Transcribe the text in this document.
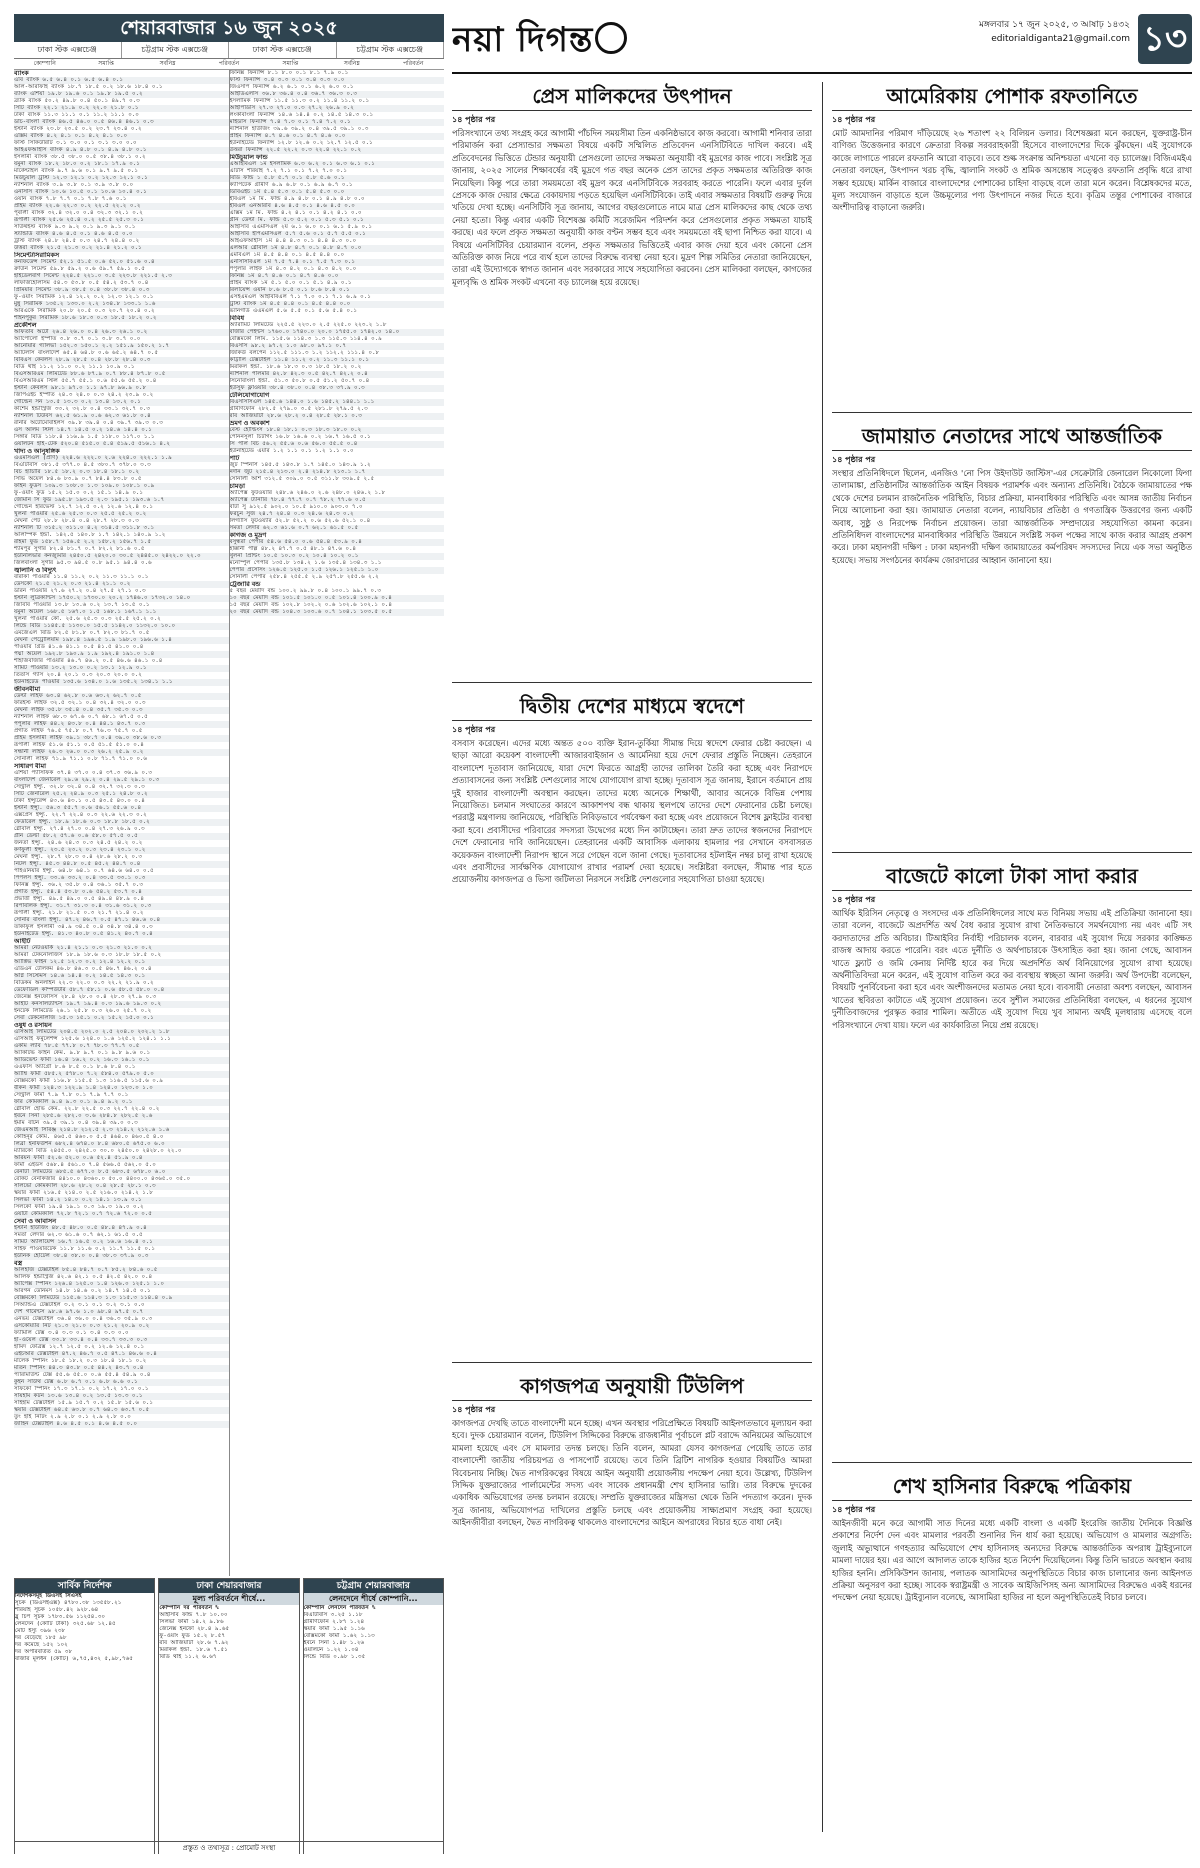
শেয়ারবাজার ১৬ জুন ২০২৫
ঢাকা স্টক এক্সচেঞ্জ	চট্টগ্রাম স্টক এক্সচেঞ্জ	ঢাকা স্টক এক্সচেঞ্জ	চট্টগ্রাম স্টক এক্সচেঞ্জ
কোম্পানি	সমাপ্তি	সর্বনিম্ন	পরিবর্তন	সমাপ্তি	সর্বনিম্ন	পরিবর্তন
ব্যাংক
এবি ব্যাংক ৬.৫ ৬.৪ ০.১ ৬.৫ ৬.৪ ০.১
আল-আরাফাহ ব্যাংক ১৮.৭ ১৮.৫ ০.২ ১৮.৬ ১৮.৪ ০.১
ব্যাংক এশিয়া ১৯.৮ ১৯.৬ ০.১ ১৯.৮ ১৯.৫ ০.২
ব্র্যাক ব্যাংক ৫০.২ ৪৯.৮ ০.৪ ৫০.১ ৪৯.৭ ০.৩
সিটি ব্যাংক ২২.১ ২১.৯ ০.২ ২২.০ ২১.৮ ০.১
ঢাকা ব্যাংক ১১.৩ ১১.১ ০.১ ১১.২ ১১.১ ০.০
ডাচ-বাংলা ব্যাংক ৪৬.৫ ৪৬.০ ০.৫ ৪৬.৪ ৪৬.১ ০.৩
ইস্টার্ন ব্যাংক ২৩.৮ ২৩.৫ ০.২ ২৩.৭ ২৩.৪ ০.২
এক্সিম ব্যাংক ৪.২ ৪.১ ০.১ ৪.২ ৪.১ ০.০
ফার্স্ট সিকিউরিটি ৩.১ ৩.০ ০.১ ৩.১ ৩.০ ০.০
আইএফআইসি ব্যাংক ৪.৯ ৪.৮ ০.১ ৪.৯ ৪.৮ ০.১
ইসলামী ব্যাংক ৩৮.৫ ৩৮.০ ০.৫ ৩৮.৪ ৩৮.১ ০.২
যমুনা ব্যাংক ১৮.২ ১৮.০ ০.২ ১৮.১ ১৭.৯ ০.১
মার্কেন্টাইল ব্যাংক ৯.৭ ৯.৬ ০.১ ৯.৭ ৯.৫ ০.১
মিউচুয়াল ট্রাস্ট ১২.৩ ১২.১ ০.২ ১২.৩ ১২.১ ০.১
ন্যাশনাল ব্যাংক ৩.৯ ৩.৮ ০.১ ৩.৯ ৩.৮ ০.০
এনসিসি ব্যাংক ১০.৬ ১০.৫ ০.১ ১০.৬ ১০.৪ ০.১
ওয়ান ব্যাংক ৭.৮ ৭.৭ ০.১ ৭.৮ ৭.৬ ০.১
প্রাইম ব্যাংক ২২.৬ ২২.৩ ০.২ ২২.৫ ২২.২ ০.২
পূবালী ব্যাংক ৩২.৪ ৩২.০ ০.৪ ৩২.৩ ৩২.১ ০.২
রূপালী ব্যাংক ২৫.৬ ২৫.৪ ০.২ ২৫.৫ ২৫.৩ ০.১
সাউথইস্ট ব্যাংক ৯.৩ ৯.২ ০.১ ৯.৩ ৯.১ ০.১
স্ট্যান্ডার্ড ব্যাংক ৪.৬ ৪.৫ ০.১ ৪.৬ ৪.৫ ০.০
ট্রাস্ট ব্যাংক ২৪.৮ ২৪.৫ ০.৩ ২৪.৭ ২৪.৪ ০.২
উত্তরা ব্যাংক ২১.৫ ২১.৩ ০.২ ২১.৪ ২১.২ ০.১
সিমেন্ট/সিরামিকস
কনফিডেন্স সিমেন্ট ৫২.১ ৫১.৫ ০.৬ ৫২.০ ৫১.৬ ০.৪
ক্রাউন সিমেন্ট ৫৯.৮ ৫৯.২ ০.৬ ৫৯.৭ ৫৯.১ ০.৫
হাইডেলবার্গ সিমেন্ট ২২৪.৫ ২২১.০ ৩.৫ ২২৩.৮ ২২১.৫ ২.৩
লাফার্জহোলসিম ৫৪.৩ ৫৩.৮ ০.৫ ৫৪.২ ৫৩.৭ ০.৪
প্রিমিয়ার সিমেন্ট ৩৮.৯ ৩৮.৫ ০.৪ ৩৮.৮ ৩৮.৪ ০.৩
ফু-ওয়াং সিরামিক ১২.৪ ১২.২ ০.২ ১২.৩ ১২.১ ০.১
মুন্নু সিরামিক ১৩৫.২ ১৩৩.০ ২.২ ১৩৪.৮ ১৩৩.১ ১.৬
আরএকে সিরামিক ২০.৮ ২০.৫ ০.৩ ২০.৭ ২০.৪ ০.২
শাইনপুকুর সিরামিক ১৮.৬ ১৮.৩ ০.৩ ১৮.৫ ১৮.২ ০.২
প্রকৌশল
আফতাব অটো ২৬.৪ ২৬.০ ০.৪ ২৬.৩ ২৬.১ ০.২
অ্যাপোলো ইস্পাত ৩.৮ ৩.৭ ০.১ ৩.৮ ৩.৭ ০.০
আনোয়ার গ্যালভা ১৫২.৩ ১৫০.১ ২.২ ১৫১.৯ ১৫০.২ ১.৭
অ্যাটলাস বাংলাদেশ ৬৫.৪ ৬৪.৮ ০.৬ ৬৫.২ ৬৪.৭ ০.৫
বিবিএস কেবলস ২৮.৯ ২৮.৫ ০.৪ ২৮.৮ ২৮.৪ ০.৩
বিডি থাই ১১.২ ১১.০ ০.২ ১১.১ ১০.৯ ০.১
বিএসআরএম লিমিটেড ৮৮.৬ ৮৭.৯ ০.৭ ৮৮.৪ ৮৭.৮ ০.৫
বিএসআরএম স্টিল ৫৫.৭ ৫৫.১ ০.৬ ৫৫.৬ ৫৫.২ ০.৪
ইস্টার্ন কেবলস ৯৮.১ ৯৭.০ ১.১ ৯৭.৮ ৯৬.৯ ০.৮
জিপিএইচ ইস্পাত ২৪.৩ ২৪.০ ০.৩ ২৪.২ ২৩.৯ ০.২
গোল্ডেন সন ১৩.৫ ১৩.৩ ০.২ ১৩.৪ ১৩.২ ০.১
কাশেম ইন্ডাস্ট্রিজ ৩৩.২ ৩২.৮ ০.৪ ৩৩.১ ৩২.৭ ০.৩
ন্যাশনাল টিউবস ৬২.৫ ৬১.৯ ০.৬ ৬২.৩ ৬১.৮ ০.৪
রানার অটোমোবাইলস ৩৯.৮ ৩৯.৪ ০.৪ ৩৯.৭ ৩৯.৩ ০.৩
এস আলম স্টিল ১৪.৭ ১৪.৫ ০.২ ১৪.৬ ১৪.৪ ০.১
সিঙ্গার বিডি ১১৮.৪ ১১৬.৯ ১.৫ ১১৮.০ ১১৭.০ ১.১
ওয়ালটন হাই-টেক ৫২০.৪ ৫১৫.০ ৫.৪ ৫১৯.৫ ৫১৬.১ ৪.২
খাদ্য ও আনুষঙ্গিক
এএমসিএল (প্রাণ) ২২৪.৬ ২২২.০ ২.৬ ২২৪.০ ২২২.১ ১.৯
বিএটিবিসি ৩৮১.৫ ৩৭৭.০ ৪.৫ ৩৮০.৭ ৩৭৮.০ ৩.৩
বিচ হ্যাচারি ১৮.৫ ১৮.২ ০.৩ ১৮.৪ ১৮.১ ০.২
সিভি অয়েল ৮৪.৬ ৮৩.৯ ০.৭ ৮৪.৪ ৮৩.৮ ০.৫
ফাইন ফুডস ১০৯.৩ ১০৮.০ ১.৩ ১০৯.০ ১০৮.১ ০.৯
ফু-ওয়াং ফুড ১৫.২ ১৫.০ ০.২ ১৫.১ ১৪.৯ ০.১
জেমিনি সি ফুড ১৯৫.৮ ১৯৩.৫ ২.৩ ১৯৫.১ ১৯৩.৬ ১.৭
গোল্ডেন হারভেস্ট ১২.৭ ১২.৫ ০.২ ১২.৬ ১২.৪ ০.১
খুলনা পাওয়ার ২৫.৬ ২৫.৩ ০.৩ ২৫.৫ ২৫.২ ০.২
মেঘনা পেট ২৮.৮ ২৮.৪ ০.৪ ২৮.৭ ২৮.৩ ০.৩
ন্যাশনাল টি ৩১৫.২ ৩১১.০ ৪.২ ৩১৪.৫ ৩১১.৮ ৩.১
অলিম্পিক ইন্ডা. ১৪২.৫ ১৪০.৮ ১.৭ ১৪২.১ ১৪০.৯ ১.২
রহিমা ফুড ১৫৮.৭ ১৫৬.৫ ২.২ ১৫৮.২ ১৫৬.৭ ১.৫
শ্যামপুর সুগার ৮২.৪ ৮১.৭ ০.৭ ৮২.২ ৮১.৬ ০.৫
ইউনিলিভার কনজ্যুমার ২৪৫০.৫ ২৪২০.০ ৩০.৫ ২৪৪৫.০ ২৪২২.০ ২২.০
জিলবাংলা সুগার ৯৫.৩ ৯৪.৫ ০.৮ ৯৫.১ ৯৪.৪ ০.৬
জ্বালানি ও বিদ্যুৎ
বারাকা পাওয়ার ১১.৪ ১১.২ ০.২ ১১.৩ ১১.১ ০.১
ডেসকো ২১.৫ ২১.২ ০.৩ ২১.৪ ২১.১ ০.২
ডরিন পাওয়ার ২৭.৬ ২৭.২ ০.৪ ২৭.৫ ২৭.১ ০.৩
ইস্টার্ন লুব্রিক্যান্টস ১৭৫০.২ ১৭৩০.০ ২০.২ ১৭৪৬.০ ১৭৩২.০ ১৪.০
জিবিবি পাওয়ার ১৩.৮ ১৩.৬ ০.২ ১৩.৭ ১৩.৫ ০.১
যমুনা অয়েল ১৬৮.৫ ১৬৭.০ ১.৫ ১৬৮.১ ১৬৭.১ ১.১
খুলনা পাওয়ার কো. ২৫.৬ ২৫.৩ ০.৩ ২৫.৫ ২৫.২ ০.২
লিন্ডে বিডি ১১৪৫.৫ ১১৩০.০ ১৫.৫ ১১৪২.০ ১১৩২.০ ১০.০
এমজেএল বিডি ৮২.৫ ৮১.৮ ০.৭ ৮২.৩ ৮১.৭ ০.৫
মেঘনা পেট্রোলিয়াম ১৯৮.৪ ১৯৬.৫ ১.৯ ১৯৮.০ ১৯৬.৬ ১.৪
পাওয়ার গ্রিড ৪১.৬ ৪১.১ ০.৫ ৪১.৫ ৪১.০ ০.৪
পদ্মা অয়েল ১৯২.৮ ১৯০.৯ ১.৯ ১৯২.৪ ১৯১.০ ১.৪
শাহজিবাজার পাওয়ার ৪৬.৭ ৪৬.২ ০.৫ ৪৬.৬ ৪৬.১ ০.৪
সামিট পাওয়ার ১৩.২ ১৩.০ ০.২ ১৩.১ ১২.৯ ০.১
তিতাস গ্যাস ২০.৪ ২০.১ ০.৩ ২০.৩ ২০.০ ০.২
ইউনাইটেড পাওয়ার ১৩৫.৬ ১৩৪.০ ১.৬ ১৩৫.২ ১৩৪.১ ১.১
জীবনবীমা
ডেল্টা লাইফ ৬৩.৪ ৬২.৮ ০.৬ ৬৩.২ ৬২.৭ ০.৫
ফারইস্ট লাইফ ৩২.৫ ৩২.১ ০.৪ ৩২.৪ ৩২.০ ০.৩
মেঘনা লাইফ ৩৫.৮ ৩৫.৪ ০.৪ ৩৫.৭ ৩৫.৩ ০.৩
ন্যাশনাল লাইফ ৬৮.৩ ৬৭.৬ ০.৭ ৬৮.১ ৬৭.৫ ০.৫
পপুলার লাইফ ৪৪.২ ৪৩.৮ ০.৪ ৪৪.১ ৪৩.৭ ০.৩
প্রগতি লাইফ ৭৬.৫ ৭৫.৮ ০.৭ ৭৬.৩ ৭৫.৭ ০.৫
প্রাইম ইসলামী লাইফ ৩৯.১ ৩৮.৭ ০.৪ ৩৯.০ ৩৮.৬ ০.৩
রূপালী লাইফ ৫১.৬ ৫১.১ ০.৫ ৫১.৫ ৫১.০ ০.৪
সন্ধানী লাইফ ২৬.৩ ২৬.০ ০.৩ ২৬.২ ২৫.৯ ০.২
সোনালী লাইফ ৭১.৯ ৭১.১ ০.৮ ৭১.৭ ৭১.০ ০.৬
সাধারণ বীমা
এশিয়া প্যাসিফিক ৩৭.৪ ৩৭.০ ০.৪ ৩৭.৩ ৩৬.৯ ০.৩
বাংলাদেশ জেনারেল ২৯.৬ ২৯.২ ০.৪ ২৯.৫ ২৯.১ ০.৩
সেন্ট্রাল ইন্স্যু. ৩২.৮ ৩২.৪ ০.৪ ৩২.৭ ৩২.৩ ০.৩
সিটি জেনারেল ২৫.২ ২৪.৯ ০.৩ ২৫.১ ২৪.৮ ০.২
ঢাকা ইন্স্যুরেন্স ৪৩.৬ ৪৩.১ ০.৫ ৪৩.৫ ৪৩.০ ০.৪
ইস্টার্ন ইন্স্যু. ৫৬.৩ ৫৫.৭ ০.৬ ৫৬.১ ৫৫.৬ ০.৪
এক্সপ্রেস ইন্স্যু. ২২.৭ ২২.৪ ০.৩ ২২.৬ ২২.৩ ০.২
ফেডারেল ইন্স্যু. ১৮.৯ ১৮.৬ ০.৩ ১৮.৮ ১৮.৫ ০.২
গ্লোবাল ইন্স্যু. ২৭.৪ ২৭.০ ০.৪ ২৭.৩ ২৬.৯ ০.৩
গ্রীন ডেল্টা ৫৮.২ ৫৭.৬ ০.৬ ৫৮.০ ৫৭.৫ ০.৫
জনতা ইন্স্যু. ২৪.৬ ২৪.৩ ০.৩ ২৪.৫ ২৪.২ ০.২
কর্ণফুলী ইন্স্যু. ২৩.৫ ২৩.২ ০.৩ ২৩.৪ ২৩.১ ০.২
মেঘনা ইন্স্যু. ২৮.৭ ২৮.৩ ০.৪ ২৮.৬ ২৮.২ ০.৩
নিটল ইন্স্যু. ৪৫.৩ ৪৪.৮ ০.৫ ৪৫.২ ৪৪.৭ ০.৪
পাইওনিয়ার ইন্স্যু. ৬৪.৮ ৬৪.১ ০.৭ ৬৪.৬ ৬৪.০ ০.৫
পিপলস ইন্স্যু. ৩৩.৬ ৩৩.২ ০.৪ ৩৩.৫ ৩৩.১ ০.৩
ফিনিক্স ইন্স্যু. ৩৬.২ ৩৫.৮ ০.৪ ৩৬.১ ৩৫.৭ ০.৩
প্রগতি ইন্স্যু. ৫৪.৪ ৫৩.৮ ০.৬ ৫৪.২ ৫৩.৭ ০.৪
প্রভাতী ইন্স্যু. ৪৯.৫ ৪৯.০ ০.৫ ৪৯.৪ ৪৮.৯ ০.৪
রিপাবলিক ইন্স্যু. ৩১.৭ ৩১.৩ ০.৪ ৩১.৬ ৩১.২ ০.৩
রূপালী ইন্স্যু. ২১.৮ ২১.৫ ০.৩ ২১.৭ ২১.৪ ০.২
সোনার বাংলা ইন্স্যু. ৪৭.২ ৪৬.৭ ০.৫ ৪৭.১ ৪৬.৬ ০.৪
তাকাফুল ইসলামী ৩৪.৯ ৩৪.৫ ০.৪ ৩৪.৮ ৩৪.৪ ০.৩
ইউনাইটেড ইন্স্যু. ৪১.৩ ৪০.৮ ০.৫ ৪১.২ ৪০.৭ ০.৪
আইটি
আমরা নেটওয়ার্ক ২১.৪ ২১.১ ০.৩ ২১.৩ ২১.০ ০.২
আমরা টেকনোলজিস ১৮.৯ ১৮.৬ ০.৩ ১৮.৮ ১৮.৫ ০.২
অ্যাক্টিভ ফাইন ১২.৫ ১২.৩ ০.২ ১২.৪ ১২.২ ০.১
এডিএন টেলিকম ৪৬.৮ ৪৬.৩ ০.৫ ৪৬.৭ ৪৬.২ ০.৪
অগ্নি সিস্টেমস ১৪.৬ ১৪.৪ ০.২ ১৪.৫ ১৪.৩ ০.১
বিডিকম অনলাইন ২২.৩ ২২.০ ০.৩ ২২.২ ২১.৯ ০.২
ডেফোডিল কম্পিউটার ৫৮.৭ ৫৮.১ ০.৬ ৫৮.৫ ৫৮.০ ০.৪
জেনেক্স ইনফোসিস ২৮.৪ ২৮.০ ০.৪ ২৮.৩ ২৭.৯ ০.৩
আইটি কনসালট্যান্টস ১৯.৭ ১৯.৪ ০.৩ ১৯.৬ ১৯.৩ ০.২
ইনটেক লিমিটেড ২৬.১ ২৫.৮ ০.৩ ২৬.০ ২৫.৭ ০.২
সেবা টেকনোলজি ১৫.৩ ১৫.১ ০.২ ১৫.২ ১৫.০ ০.১
ওষুধ ও রসায়ন
এসিআই লিমিটেড ২০৪.৫ ২০২.০ ২.৫ ২০৪.০ ২০২.২ ১.৮
এসিআই ফর্মুলেশন্স ১২৫.৬ ১২৪.০ ১.৬ ১২৫.২ ১২৪.১ ১.১
একমি ল্যাব ৭৮.৫ ৭৭.৮ ০.৭ ৭৮.৩ ৭৭.৭ ০.৫
অ্যাকটিভ ফাইন কেম. ৯.৮ ৯.৭ ০.১ ৯.৮ ৯.৬ ০.১
অ্যাডভেন্ট ফার্মা ১৬.৪ ১৬.২ ০.২ ১৬.৩ ১৬.১ ০.১
এএফসি অ্যাগ্রো ৮.৬ ৮.৫ ০.১ ৮.৬ ৮.৪ ০.১
অ্যাম্বি ফার্মা ৫৮৫.২ ৫৭৮.০ ৭.২ ৫৮৪.০ ৫৭৯.০ ৫.০
বেক্সিমকো ফার্মা ১১৬.৮ ১১৫.৫ ১.৩ ১১৬.৫ ১১৫.৬ ০.৯
বীকন ফার্মা ১২৪.৩ ১২২.৯ ১.৪ ১২৪.০ ১২৩.০ ১.০
সেন্ট্রাল ফার্মা ৭.৯ ৭.৮ ০.১ ৭.৯ ৭.৭ ০.১
ফার কেমিক্যাল ৯.৪ ৯.৩ ০.১ ৯.৪ ৯.২ ০.১
গ্লোবাল হেভি কেম. ২২.৮ ২২.৫ ০.৩ ২২.৭ ২২.৪ ০.২
ইবনে সিনা ২৮৫.৬ ২৮২.০ ৩.৬ ২৮৪.৮ ২৮২.৫ ২.৬
ইমাম বাটন ৩৯.৫ ৩৯.১ ০.৪ ৩৯.৪ ৩৯.০ ০.৩
জেএমআই সিরিঞ্জ ২১৪.৮ ২১২.৫ ২.৩ ২১৪.২ ২১২.৬ ১.৬
কোহিনূর কেমি. ৪৬৫.৫ ৪৬০.০ ৫.৫ ৪৬৪.০ ৪৬০.৫ ৪.০
লিব্রা ইনফিউশন ৬৮২.৪ ৬৭৪.০ ৮.৪ ৬৮০.৫ ৬৭৫.০ ৬.০
ম্যারিকো বিডি ২৪৫৫.০ ২৪২৫.০ ৩০.০ ২৪৫০.০ ২৪২৮.০ ২২.০
অরিয়ন ফার্মা ৫২.৬ ৫২.০ ০.৬ ৫২.৪ ৫১.৯ ০.৪
ফার্মা এইডস ৫৬৮.৪ ৫৬১.০ ৭.৪ ৫৬৬.৫ ৫৬২.০ ৫.০
রেনাটা লিমিটেড ৬৮৫.৫ ৬৭৭.০ ৮.৫ ৬৮৩.৫ ৬৭৮.০ ৬.০
রেকিট বেনকিজার ৪৪১০.০ ৪৩৬০.০ ৫০.০ ৪৪০০.০ ৪৩৬৫.০ ৩৫.০
সালভো কেমিক্যাল ২৮.৬ ২৮.২ ০.৪ ২৮.৫ ২৮.১ ০.৩
স্কয়ার ফার্মা ২১৬.৫ ২১৪.০ ২.৫ ২১৬.০ ২১৪.২ ১.৮
সিলভা ফার্মা ১৪.২ ১৪.০ ০.২ ১৪.১ ১৩.৯ ০.১
সিলকো ফার্মা ১৯.৪ ১৯.১ ০.৩ ১৯.৩ ১৯.০ ০.২
ওয়াটা কেমিক্যাল ৭২.৮ ৭২.১ ০.৭ ৭২.৬ ৭২.০ ০.৫
সেবা ও আবাসন
ইস্টার্ন হাউজিং ৪৮.৫ ৪৮.০ ০.৫ ৪৮.৪ ৪৭.৯ ০.৪
সমতা লেদার ৬২.৩ ৬১.৬ ০.৭ ৬২.১ ৬১.৫ ০.৫
সামিট অ্যালায়েন্স ১৬.৭ ১৬.৫ ০.২ ১৬.৬ ১৬.৪ ০.১
সাইফ পাওয়ারটেক ১১.৮ ১১.৬ ০.২ ১১.৭ ১১.৫ ০.১
ইউনিক হোটেল ৩৮.৪ ৩৮.০ ০.৪ ৩৮.৩ ৩৭.৯ ০.৩
বস্ত্র
আলহাজ টেক্সটাইল ৮৫.৪ ৮৪.৭ ০.৭ ৮৫.২ ৮৪.৬ ০.৫
আলিফ ইন্ডাস্ট্রিজ ৪২.৬ ৪২.১ ০.৫ ৪২.৫ ৪২.০ ০.৪
অ্যাপেক্স স্পিনিং ১২৬.৪ ১২৫.০ ১.৪ ১২৬.০ ১২৫.১ ১.০
আরগন ডেনিমস ১৪.৮ ১৪.৬ ০.২ ১৪.৭ ১৪.৫ ০.১
বেক্সিমকো লিমিটেড ১১৫.৬ ১১৪.৩ ১.৩ ১১৫.৩ ১১৪.৪ ০.৯
সিঅ্যান্ডএ টেক্সটাইল ৩.২ ৩.১ ০.১ ৩.২ ৩.১ ০.০
দেশ গার্মেন্টস ৯৮.৬ ৯৭.৬ ১.০ ৯৮.৪ ৯৭.৫ ০.৭
এনভয় টেক্সটাইল ৩৬.৪ ৩৬.০ ০.৪ ৩৬.৩ ৩৫.৯ ০.৩
এসকোয়্যার নিট ২১.৩ ২১.০ ০.৩ ২১.২ ২০.৯ ০.২
ফ্যামিলি টেক্স ৩.৪ ৩.৩ ০.১ ৩.৪ ৩.৩ ০.০
হা-ওয়েল টেক্স ৩৩.৮ ৩৩.৪ ০.৪ ৩৩.৭ ৩৩.৩ ০.৩
হামিদ ফেব্রিক্স ১২.৭ ১২.৫ ০.২ ১২.৬ ১২.৪ ০.১
এইচআর টেক্সটাইল ৪৭.২ ৪৬.৭ ০.৫ ৪৭.১ ৪৬.৬ ০.৪
মালেক স্পিনিং ১৮.৫ ১৮.২ ০.৩ ১৮.৪ ১৮.১ ০.২
মতিন স্পিনিং ৪৪.৩ ৪৩.৮ ০.৫ ৪৪.২ ৪৩.৭ ০.৪
প্যারামাউন্ট টেক্স ৫৫.৬ ৫৫.০ ০.৬ ৫৫.৪ ৫৪.৯ ০.৪
কুইন সাউথ টেক্স ৬.৮ ৬.৭ ০.১ ৬.৮ ৬.৬ ০.১
সাফকো স্পিনিং ১৭.৩ ১৭.১ ০.২ ১৭.২ ১৭.০ ০.১
সায়হাম কটন ১৩.৬ ১৩.৪ ০.২ ১৩.৫ ১৩.৩ ০.১
সাইহাম টেক্সটাইল ১৫.৯ ১৫.৭ ০.২ ১৫.৮ ১৫.৬ ০.১
স্কয়ার টেক্সটাইল ৬৪.৫ ৬৩.৮ ০.৭ ৬৪.৩ ৬৩.৭ ০.৫
তুং হাই নিটিং ২.৯ ২.৮ ০.১ ২.৯ ২.৮ ০.০
জাহিন টেক্সটাইল ৪.৬ ৪.৫ ০.১ ৪.৬ ৪.৫ ০.০
ফিনিক্স ফিন্যান্স ৮.১ ৮.০ ০.১ ৮.১ ৭.৯ ০.১
ফার্স্ট ফিন্যান্স ৩.৪ ৩.৩ ০.১ ৩.৪ ৩.৩ ০.০
জিএসপি ফিন্যান্স ৬.২ ৬.১ ০.১ ৬.২ ৬.০ ০.১
আইডিএলসি ৩৬.৮ ৩৬.৪ ০.৪ ৩৬.৭ ৩৬.৩ ০.৩
ইসলামিক ফিন্যান্স ১১.৫ ১১.৩ ০.২ ১১.৪ ১১.২ ০.১
আইপিডিসি ২৭.৩ ২৭.০ ০.৩ ২৭.২ ২৬.৯ ০.২
লংকাবাংলা ফিন্যান্স ১৪.৬ ১৪.৪ ০.২ ১৪.৫ ১৪.৩ ০.১
মাইডাস ফিন্যান্স ৭.৪ ৭.৩ ০.১ ৭.৪ ৭.২ ০.১
ন্যাশনাল হাউজিং ৩৯.৬ ৩৯.২ ০.৪ ৩৯.৫ ৩৯.১ ০.৩
প্রাইম ফিন্যান্স ৪.৭ ৪.৬ ০.১ ৪.৭ ৪.৬ ০.০
ইউনাইটেড ফিন্যান্স ১২.৮ ১২.৬ ০.২ ১২.৭ ১২.৫ ০.১
উত্তরা ফিন্যান্স ২২.৫ ২২.২ ০.৩ ২২.৪ ২২.১ ০.২
মিউচুয়াল ফান্ড
এআইবিএল ১ম ইসলামিক ৬.৩ ৬.২ ০.১ ৬.৩ ৬.১ ০.১
এটিসি শরিয়াহ ৭.২ ৭.১ ০.১ ৭.২ ৭.০ ০.১
বিডি ফান্ড ১ ৫.৮ ৫.৭ ০.১ ৫.৮ ৫.৬ ০.১
ক্যাপিটেক গ্রামীণ ৬.৯ ৬.৮ ০.১ ৬.৯ ৬.৭ ০.১
ডিবিএইচ ১ম ৫.৪ ৫.৩ ০.১ ৫.৪ ৫.৩ ০.০
ইবিএল ১ম মি. ফান্ড ৪.৯ ৪.৮ ০.১ ৪.৯ ৪.৮ ০.০
ইবিএল এনআরবি ৪.৬ ৪.৫ ০.১ ৪.৬ ৪.৫ ০.০
এক্সিম ১ম মি. ফান্ড ৪.২ ৪.১ ০.১ ৪.২ ৪.১ ০.০
গ্রীন ডেল্টা মি. ফান্ড ৫.৩ ৫.২ ০.১ ৫.৩ ৫.১ ০.১
আইসিবি এএমসিএল ২য় ৬.১ ৬.০ ০.১ ৬.১ ৫.৯ ০.১
আইসিবি ইপিএমসিএল ৫.৭ ৫.৬ ০.১ ৫.৭ ৫.৫ ০.১
আইএফআইসি ১ম ৪.৪ ৪.৩ ০.১ ৪.৪ ৪.৩ ০.০
এলআর গ্লোবাল ১ম ৪.৮ ৪.৭ ০.১ ৪.৮ ৪.৭ ০.০
এমবিএল ১ম ৪.৫ ৪.৪ ০.১ ৪.৫ ৪.৪ ০.০
এনসিসিবিএল ১ম ৭.৫ ৭.৪ ০.১ ৭.৫ ৭.৩ ০.১
পপুলার লাইফ ১ম ৪.৩ ৪.২ ০.১ ৪.৩ ৪.২ ০.০
ফিনিক্স ১ম ৪.৭ ৪.৬ ০.১ ৪.৭ ৪.৬ ০.০
প্রাইম ব্যাংক ১ম ৫.১ ৫.০ ০.১ ৫.১ ৪.৯ ০.১
রিলায়েন্স ওয়ান ৮.৬ ৮.৫ ০.১ ৮.৬ ৮.৪ ০.১
এসইএমএল আইবিবিএল ৭.১ ৭.০ ০.১ ৭.১ ৬.৯ ০.১
ট্রাস্ট ব্যাংক ১ম ৪.৫ ৪.৪ ০.১ ৪.৫ ৪.৪ ০.০
ভ্যানগার্ড এএমএল ৫.৬ ৫.৫ ০.১ ৫.৬ ৫.৪ ০.১
বিবিধ
অ্যারামিট লিমিটেড ২২৫.৫ ২২৩.০ ২.৫ ২২৫.০ ২২৩.২ ১.৮
বার্জার পেইন্টস ১৭৬০.০ ১৭৪০.০ ২০.০ ১৭৫৫.০ ১৭৪২.০ ১৪.০
বেক্সিমকো লিমি. ১১৫.৬ ১১৪.৩ ১.৩ ১১৫.৩ ১১৪.৪ ০.৯
বিএসসি ৯৮.২ ৯৭.২ ১.০ ৯৮.০ ৯৭.১ ০.৭
জিকিউ বলপেন ১১২.৫ ১১১.৩ ১.২ ১১২.২ ১১১.৪ ০.৮
কাট্টালি টেক্সটাইল ১১.৪ ১১.২ ০.২ ১১.৩ ১১.১ ০.১
মিরাকল ইন্ডা. ১৮.৬ ১৮.৩ ০.৩ ১৮.৫ ১৮.২ ০.২
ন্যাশনাল পলিমার ৪২.৮ ৪২.৩ ০.৫ ৪২.৭ ৪২.২ ০.৪
সিনোবাংলা ইন্ডা. ৫১.৩ ৫০.৮ ০.৫ ৫১.২ ৫০.৭ ০.৪
ইউসুফ ফ্লাওয়ার ৩৮.৪ ৩৮.০ ০.৪ ৩৮.৩ ৩৭.৯ ০.৩
টেলিযোগাযোগ
বিএসসিসিএল ১৪৫.৬ ১৪৪.০ ১.৬ ১৪৫.২ ১৪৪.১ ১.১
গ্রামীণফোন ২৮২.৫ ২৭৯.০ ৩.৫ ২৮১.৮ ২৭৯.৫ ২.৩
রবি আজিয়াটা ২৮.৬ ২৮.২ ০.৪ ২৮.৫ ২৮.১ ০.৩
ভ্রমণ ও অবকাশ
বেস্ট হোল্ডিংস ১৮.৪ ১৮.১ ০.৩ ১৮.৩ ১৮.০ ০.২
পেনিনসুলা চিটাগং ১৬.৮ ১৬.৬ ০.২ ১৬.৭ ১৬.৫ ০.১
সি পার্ল বিচ ৫৬.২ ৫৫.৬ ০.৬ ৫৬.০ ৫৫.৫ ০.৪
ইউনাইটেড এয়ার ১.২ ১.১ ০.১ ১.২ ১.১ ০.০
পাট
জুট স্পিনার্স ১৪৫.৫ ১৪৩.৮ ১.৭ ১৪৫.০ ১৪৩.৯ ১.২
নর্দান জুট ২১৫.৪ ২১৩.০ ২.৪ ২১৪.৮ ২১৩.১ ১.৭
সোনালী আঁশ ৩১২.৫ ৩০৯.০ ৩.৫ ৩১১.৮ ৩০৯.৫ ২.৫
চামড়া
অ্যাপেক্স ফুটওয়্যার ২৪৮.৬ ২৪৬.০ ২.৬ ২৪৮.০ ২৪৬.২ ১.৮
অ্যাপেক্স ট্যানারি ৭৮.৪ ৭৭.৭ ০.৭ ৭৮.২ ৭৭.৬ ০.৫
বাটা সু ৯১২.৫ ৯০২.০ ১০.৫ ৯১০.০ ৯০৩.০ ৭.০
ফরচুন সুজ ২৪.৭ ২৪.৪ ০.৩ ২৪.৬ ২৪.৩ ০.২
লিগ্যাসি ফুটওয়্যার ৫২.৮ ৫২.২ ০.৬ ৫২.৬ ৫২.১ ০.৪
সমতা লেদার ৬২.৩ ৬১.৬ ০.৭ ৬২.১ ৬১.৫ ০.৫
কাগজ ও মুদ্রণ
বসুন্ধরা পেপার ৫৪.৬ ৫৪.০ ০.৬ ৫৪.৪ ৫৩.৯ ০.৪
হাক্কানী পাল্প ৪৮.২ ৪৭.৭ ০.৫ ৪৮.১ ৪৭.৬ ০.৪
খুলনা প্রিন্টিং ১০.৫ ১০.৩ ০.২ ১০.৪ ১০.২ ০.১
মনোস্পুল পেপার ১৩৫.৮ ১৩৪.২ ১.৬ ১৩৫.৪ ১৩৪.৩ ১.১
পেপার প্রসেসিং ১২৬.৫ ১২৫.০ ১.৫ ১২৬.১ ১২৫.১ ১.০
সোনালী পেপার ২৫৮.৪ ২৫৫.৫ ২.৯ ২৫৭.৮ ২৫৫.৬ ২.২
ট্রেজারি বন্ড
৫ বছর মেয়াদি বন্ড ১০০.২ ৯৯.৮ ০.৪ ১০০.১ ৯৯.৭ ০.৩
১০ বছর মেয়াদি বন্ড ১০১.৫ ১০১.০ ০.৫ ১০১.৪ ১০০.৯ ০.৪
১৫ বছর মেয়াদি বন্ড ১০২.৮ ১০২.২ ০.৬ ১০২.৬ ১০২.১ ০.৪
২০ বছর মেয়াদি বন্ড ১০৪.৩ ১০৩.৬ ০.৭ ১০৪.১ ১০৩.৫ ০.৫
সার্বিক নির্দেশক
নির্দেশকসমূহ ডিএসই সিএসই
সূচক (ডিএসইএক্স) ৪৭৮০.৩৮ ১৩৫৫৮.২১
শরিয়াহ সূচক ১০৫৮.৪২ ৯২৮.৬৪
ব্লু চিপ সূচক ১৭৮৩.৫৬ ১১২৫৪.৩০
লেনদেন (কোটি টাকা) ৩২৫.৬৮ ১২.৪৫
মোট ইস্যু ৩৯৬ ২৩৮
দর বেড়েছে ১৮৫ ৯৮
দর কমেছে ১৫২ ১০২
দর অপরিবর্তিত ৫৯ ৩৮
বাজার মূলধন (কোটি) ৬,৭৫,৪৩২ ৫,৯৮,৭৬৫
ঢাকা শেয়ারবাজার
মূল্য পরিবর্তনে শীর্ষে...
কোম্পানি দর পরিবর্তন %
আইসিবি ফান্ড ৭.৮ ১০.০০
সিলভা ফার্মা ১৪.২ ৯.৮৬
জেনেক্স ইনফো ২৮.৪ ৯.৬৫
ফু-ওয়াং ফুড ১৫.২ ৮.৫৭
রবি আজিয়াটা ২৮.৬ ৭.৯২
মিরাকল ইন্ডা. ১৮.৬ ৭.৫১
বিডি থাই ১১.২ ৬.৬৭
চট্টগ্রাম শেয়ারবাজার
লেনদেনে শীর্ষে কোম্পানি...
কোম্পানি লেনদেন পরিবর্তন %
বিএটিবিসি ৩.২৫ ১.১৮
গ্রামীণফোন ২.৮৭ ১.২৪
স্কয়ার ফার্মা ১.৯৫ ১.১৬
বেক্সিমকো ফার্মা ১.৬২ ১.১৩
ইবনে সিনা ১.৪৮ ১.২৬
ওয়ালটন ১.২২ ১.০৪
লিন্ডে বিডি ০.৯৮ ১.৩৫
প্রস্তুত ও তথ্যসূত্র : প্রোমোট সংস্থা
নয়া দিগন্ত	মঙ্গলবার ১৭ জুন ২০২৫, ৩ আষাঢ় ১৪৩২
editorialdiganta21@gmail.com ১৩
প্রেস মালিকদের উৎপাদন
১৪ পৃষ্ঠার পর
পরিসংখ্যানে তথ্য সংগ্রহ করে আগামী পাঁচদিন সময়সীমা তিন একনিষ্ঠভাবে কাজ করবো। আগামী শনিবার তারা পরিমার্জন করা প্রেস্যান্ডার সক্ষমতা বিষয়ে একটি সম্মিলিত প্রতিবেদন এনসিটিবিতে দাখিল করবে। এই প্রতিবেদনের ভিত্তিতে টেন্ডার অনুযায়ী প্রেসগুলো তাদের সক্ষমতা অনুযায়ী বই মুদ্রণের কাজ পাবে। সংশ্লিষ্ট সূত্র জানায়, ২০২৫ সালের শিক্ষাবর্ষের বই মুদ্রণে গত বছর অনেক প্রেস তাদের প্রকৃত সক্ষমতার অতিরিক্ত কাজ নিয়েছিল। কিন্তু পরে তারা সময়মতো বই মুদ্রণ করে এনসিটিবিকে সরবরাহ করতে পারেনি। ফলে এবার দুর্বল প্রেসকে কাজ দেয়ার ক্ষেত্রে বেকায়দায় পড়তে হয়েছিল এনসিটিবিকে। তাই এবার সক্ষমতার বিষয়টি গুরুত্ব দিয়ে খতিয়ে দেখা হচ্ছে। এনসিটিবি সূত্র জানায়, আগের বছরগুলোতে নামে মাত্র প্রেস মালিকদের কাছ থেকে তথ্য নেয়া হতো। কিন্তু এবার একটি বিশেষজ্ঞ কমিটি সরেজমিন পরিদর্শন করে প্রেসগুলোর প্রকৃত সক্ষমতা যাচাই করছে। এর ফলে প্রকৃত সক্ষমতা অনুযায়ী কাজ বণ্টন সম্ভব হবে এবং সময়মতো বই ছাপা নিশ্চিত করা যাবে। এ বিষয়ে এনসিটিবির চেয়ারম্যান বলেন, প্রকৃত সক্ষমতার ভিত্তিতেই এবার কাজ দেয়া হবে এবং কোনো প্রেস অতিরিক্ত কাজ নিয়ে পরে ব্যর্থ হলে তাদের বিরুদ্ধে ব্যবস্থা নেয়া হবে। মুদ্রণ শিল্প সমিতির নেতারা জানিয়েছেন, তারা এই উদ্যোগকে স্বাগত জানান এবং সরকারের সাথে সহযোগিতা করবেন। প্রেস মালিকরা বলছেন, কাগজের মূল্যবৃদ্ধি ও শ্রমিক সংকট এখনো বড় চ্যালেঞ্জ হয়ে রয়েছে।
দ্বিতীয় দেশের মাধ্যমে স্বদেশে
১৪ পৃষ্ঠার পর
বসবাস করেছেন। এদের মধ্যে অন্তত ৫০০ ব্যক্তি ইরান-তুর্কিয়া সীমান্ত দিয়ে স্বদেশে ফেরার চেষ্টা করছেন। এ ছাড়া আরো কয়েকশ বাংলাদেশী আজারবাইজান ও আর্মেনিয়া হয়ে দেশে ফেরার প্রস্তুতি নিচ্ছেন। তেহরানে বাংলাদেশ দূতাবাস জানিয়েছে, যারা দেশে ফিরতে আগ্রহী তাদের তালিকা তৈরি করা হচ্ছে এবং নিরাপদে প্রত্যাবাসনের জন্য সংশ্লিষ্ট দেশগুলোর সাথে যোগাযোগ রাখা হচ্ছে। দূতাবাস সূত্র জানায়, ইরানে বর্তমানে প্রায় দুই হাজার বাংলাদেশী অবস্থান করছেন। তাদের মধ্যে অনেকে শিক্ষার্থী, আবার অনেকে বিভিন্ন পেশায় নিয়োজিত। চলমান সংঘাতের কারণে আকাশপথ বন্ধ থাকায় স্থলপথে তাদের দেশে ফেরানোর চেষ্টা চলছে। পররাষ্ট্র মন্ত্রণালয় জানিয়েছে, পরিস্থিতি নিবিড়ভাবে পর্যবেক্ষণ করা হচ্ছে এবং প্রয়োজনে বিশেষ ফ্লাইটের ব্যবস্থা করা হবে। প্রবাসীদের পরিবারের সদস্যরা উদ্বেগের মধ্যে দিন কাটাচ্ছেন। তারা দ্রুত তাদের স্বজনদের নিরাপদে দেশে ফেরানোর দাবি জানিয়েছেন। তেহরানের একটি আবাসিক এলাকায় হামলার পর সেখানে বসবাসরত কয়েকজন বাংলাদেশী নিরাপদ স্থানে সরে গেছেন বলে জানা গেছে। দূতাবাসের হটলাইন নম্বর চালু রাখা হয়েছে এবং প্রবাসীদের সার্বক্ষণিক যোগাযোগ রাখার পরামর্শ দেয়া হয়েছে। সংশ্লিষ্টরা বলছেন, সীমান্ত পার হতে প্রয়োজনীয় কাগজপত্র ও ভিসা জটিলতা নিরসনে সংশ্লিষ্ট দেশগুলোর সহযোগিতা চাওয়া হয়েছে।
কাগজপত্র অনুযায়ী টিউলিপ
১৪ পৃষ্ঠার পর
কাগজপত্র দেখছি তাতে বাংলাদেশী মনে হচ্ছে। এখন অবস্থার পরিপ্রেক্ষিতে বিষয়টি আইনগতভাবে মূল্যায়ন করা হবে। দুদক চেয়ারম্যান বলেন, টিউলিপ সিদ্দিকের বিরুদ্ধে রাজধানীর পূর্বাচলে প্লট বরাদ্দে অনিয়মের অভিযোগে মামলা হয়েছে এবং সে মামলার তদন্ত চলছে। তিনি বলেন, আমরা যেসব কাগজপত্র পেয়েছি তাতে তার বাংলাদেশী জাতীয় পরিচয়পত্র ও পাসপোর্ট রয়েছে। তবে তিনি ব্রিটিশ নাগরিক হওয়ার বিষয়টিও আমরা বিবেচনায় নিচ্ছি। দ্বৈত নাগরিকত্বের বিষয়ে আইন অনুযায়ী প্রয়োজনীয় পদক্ষেপ নেয়া হবে। উল্লেখ্য, টিউলিপ সিদ্দিক যুক্তরাজ্যের পার্লামেন্টের সদস্য এবং সাবেক প্রধানমন্ত্রী শেখ হাসিনার ভাগ্নি। তার বিরুদ্ধে দুদকের একাধিক অভিযোগের তদন্ত চলমান রয়েছে। সম্প্রতি যুক্তরাজ্যের মন্ত্রিসভা থেকে তিনি পদত্যাগ করেন। দুদক সূত্র জানায়, অভিযোগপত্র দাখিলের প্রস্তুতি চলছে এবং প্রয়োজনীয় সাক্ষ্যপ্রমাণ সংগ্রহ করা হয়েছে। আইনজীবীরা বলছেন, দ্বৈত নাগরিকত্ব থাকলেও বাংলাদেশের আইনে অপরাধের বিচার হতে বাধা নেই।
আমেরিকায় পোশাক রফতানিতে
১৪ পৃষ্ঠার পর
মোট আমদানির পরিমাণ দাঁড়িয়েছে ২৬ শতাংশ ২২ বিলিয়ন ডলার। বিশেষজ্ঞরা মনে করছেন, যুক্তরাষ্ট্র-চীন বাণিজ্য উত্তেজনার কারণে ক্রেতারা বিকল্প সরবরাহকারী হিসেবে বাংলাদেশের দিকে ঝুঁকছেন। এই সুযোগকে কাজে লাগাতে পারলে রফতানি আরো বাড়বে। তবে শুল্ক সংক্রান্ত অনিশ্চয়তা এখনো বড় চ্যালেঞ্জ। বিজিএমইএ নেতারা বলছেন, উৎপাদন খরচ বৃদ্ধি, জ্বালানি সংকট ও শ্রমিক অসন্তোষ সত্ত্বেও রফতানি প্রবৃদ্ধি ধরে রাখা সম্ভব হয়েছে। মার্কিন বাজারে বাংলাদেশের পোশাকের চাহিদা বাড়ছে বলে তারা মনে করেন। বিশ্লেষকদের মতে, মূল্য সংযোজন বাড়াতে হলে উচ্চমূল্যের পণ্য উৎপাদনে নজর দিতে হবে। কৃত্রিম তন্তুর পোশাকের বাজারে অংশীদারিত্ব বাড়ানো জরুরি।
জামায়াত নেতাদের সাথে আন্তর্জাতিক
১৪ পৃষ্ঠার পর
সংস্থার প্রতিনিধিদলে ছিলেন, এনজিও 'নো পিস উইদাউট জাস্টিস'-এর সেক্রেটারি জেনারেল নিকোলো ফিগা তালামাঙ্কা, প্রতিষ্ঠানটির আন্তর্জাতিক আইন বিষয়ক পরামর্শক এবং অন্যান্য প্রতিনিধি। বৈঠকে জামায়াতের পক্ষ থেকে দেশের চলমান রাজনৈতিক পরিস্থিতি, বিচার প্রক্রিয়া, মানবাধিকার পরিস্থিতি এবং আসন্ন জাতীয় নির্বাচন নিয়ে আলোচনা করা হয়। জামায়াত নেতারা বলেন, ন্যায়বিচার প্রতিষ্ঠা ও গণতান্ত্রিক উত্তরণের জন্য একটি অবাধ, সুষ্ঠু ও নিরপেক্ষ নির্বাচন প্রয়োজন। তারা আন্তর্জাতিক সম্প্রদায়ের সহযোগিতা কামনা করেন। প্রতিনিধিদল বাংলাদেশের মানবাধিকার পরিস্থিতি উন্নয়নে সংশ্লিষ্ট সকল পক্ষের সাথে কাজ করার আগ্রহ প্রকাশ করে। ঢাকা মহানগরী দক্ষিণ : ঢাকা মহানগরী দক্ষিণ জামায়াতের কর্মপরিষদ সদস্যদের নিয়ে এক সভা অনুষ্ঠিত হয়েছে। সভায় সংগঠনের কার্যক্রম জোরদারের আহ্বান জানানো হয়।
বাজেটে কালো টাকা সাদা করার
১৪ পৃষ্ঠার পর
আর্থিক ইরিসিন নেতৃত্বে ও সংসদের এক প্রতিনিধিদলের সাথে মত বিনিময় সভায় এই প্রতিক্রিয়া জানানো হয়। তারা বলেন, বাজেটে অপ্রদর্শিত অর্থ বৈধ করার সুযোগ রাখা নৈতিকভাবে সমর্থনযোগ্য নয় এবং এটি সৎ করদাতাদের প্রতি অবিচার। টিআইবির নির্বাহী পরিচালক বলেন, বারবার এই সুযোগ দিয়ে সরকার কাঙ্ক্ষিত রাজস্ব আদায় করতে পারেনি। বরং এতে দুর্নীতি ও অর্থপাচারকে উৎসাহিত করা হয়। জানা গেছে, আবাসন খাতে ফ্ল্যাট ও জমি কেনায় নির্দিষ্ট হারে কর দিয়ে অপ্রদর্শিত অর্থ বিনিয়োগের সুযোগ রাখা হয়েছে। অর্থনীতিবিদরা মনে করেন, এই সুযোগ বাতিল করে কর ব্যবস্থায় স্বচ্ছতা আনা জরুরি। অর্থ উপদেষ্টা বলেছেন, বিষয়টি পুনর্বিবেচনা করা হবে এবং অংশীজনদের মতামত নেয়া হবে। ব্যবসায়ী নেতারা অবশ্য বলছেন, আবাসন খাতের স্থবিরতা কাটাতে এই সুযোগ প্রয়োজন। তবে সুশীল সমাজের প্রতিনিধিরা বলছেন, এ ধরনের সুযোগ দুর্নীতিবাজদের পুরস্কৃত করার শামিল। অতীতে এই সুযোগ দিয়ে খুব সামান্য অর্থই মূলধারায় এসেছে বলে পরিসংখ্যানে দেখা যায়। ফলে এর কার্যকারিতা নিয়ে প্রশ্ন রয়েছে।
শেখ হাসিনার বিরুদ্ধে পত্রিকায়
১৪ পৃষ্ঠার পর
আইনজীবী মনে করে আগামী সাত দিনের মধ্যে একটি বাংলা ও একটি ইংরেজি জাতীয় দৈনিকে বিজ্ঞপ্তি প্রকাশের নির্দেশ দেন এবং মামলার পরবর্তী শুনানির দিন ধার্য করা হয়েছে। অভিযোগ ও মামলার অগ্রগতি: জুলাই অভ্যুত্থানে গণহত্যার অভিযোগে শেখ হাসিনাসহ অন্যদের বিরুদ্ধে আন্তর্জাতিক অপরাধ ট্রাইব্যুনালে মামলা দায়ের হয়। এর আগে আদালত তাকে হাজির হতে নির্দেশ দিয়েছিলেন। কিন্তু তিনি ভারতে অবস্থান করায় হাজির হননি। প্রসিকিউশন জানায়, পলাতক আসামিদের অনুপস্থিতিতে বিচার কাজ চালানোর জন্য আইনগত প্রক্রিয়া অনুসরণ করা হচ্ছে। সাবেক স্বরাষ্ট্রমন্ত্রী ও সাবেক আইজিপিসহ অন্য আসামিদের বিরুদ্ধেও একই ধরনের পদক্ষেপ নেয়া হয়েছে। ট্রাইব্যুনাল বলেছে, আসামিরা হাজির না হলে অনুপস্থিতিতেই বিচার চলবে।
